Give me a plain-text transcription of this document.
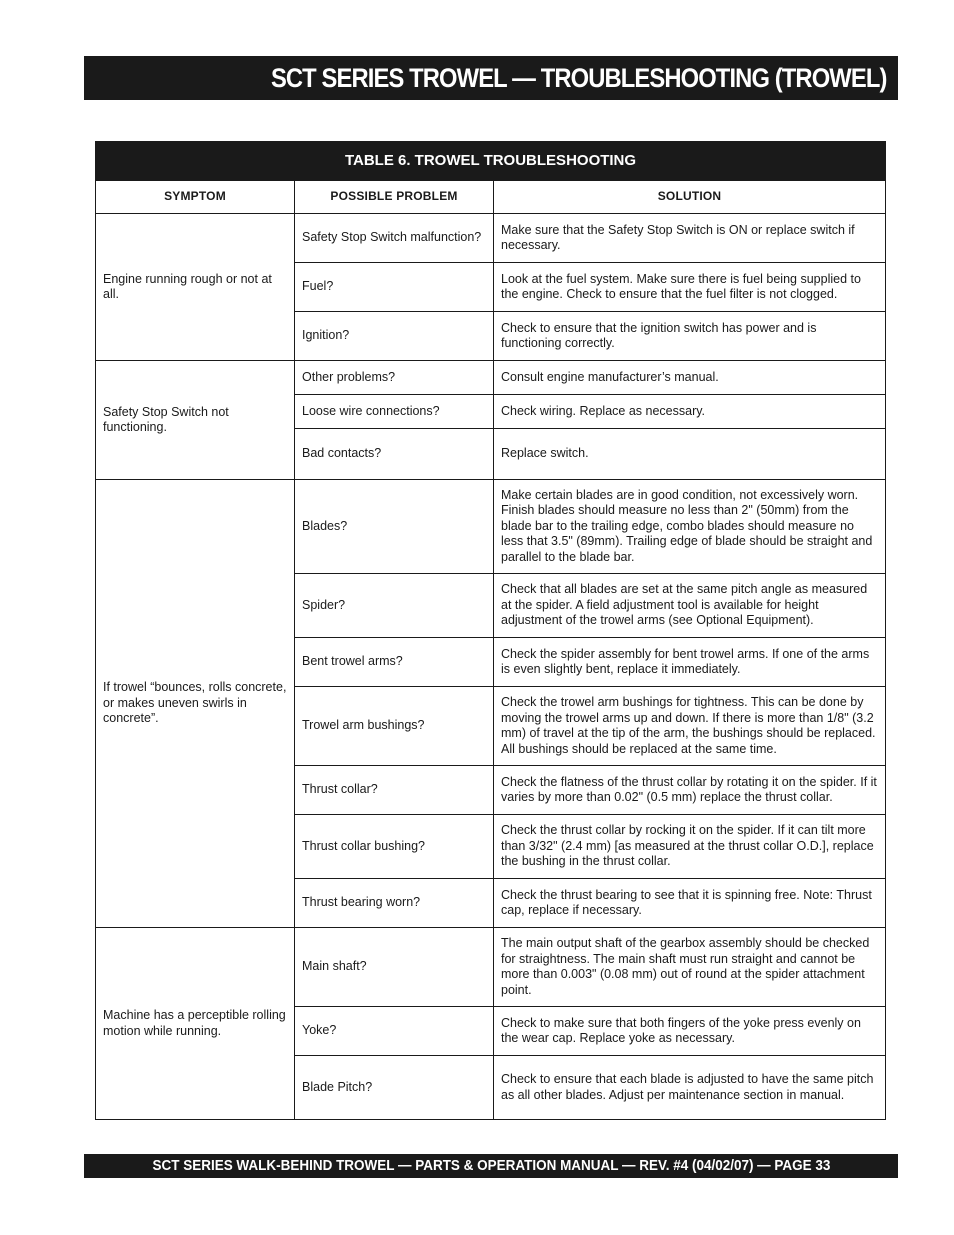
SCT SERIES TROWEL — TROUBLESHOOTING (TROWEL)
TABLE 6. TROWEL TROUBLESHOOTING		
SYMPTOM	POSSIBLE PROBLEM	SOLUTION
Engine running rough or not at all.	Safety Stop Switch malfunction?	Make sure that the Safety Stop Switch is ON or replace switch if necessary.
	Fuel?	Look at the fuel system. Make sure there is fuel being supplied to the engine. Check to ensure that the fuel filter is not clogged.
	Ignition?	Check to ensure that the ignition switch has power and is functioning correctly.
Safety Stop Switch not functioning.	Other problems?	Consult engine manufacturer’s manual.
	Loose wire connections?	Check wiring. Replace as necessary.
	Bad contacts?	Replace switch.
If trowel “bounces, rolls concrete, or makes uneven swirls in concrete”.	Blades?	Make certain blades are in good condition, not excessively worn. Finish blades should measure no less than 2" (50mm) from the blade bar to the trailing edge, combo blades should measure no less that 3.5" (89mm). Trailing edge of blade should be straight and parallel to the blade bar.
	Spider?	Check that all blades are set at the same pitch angle as measured at the spider. A field adjustment tool is available for height adjustment of the trowel arms (see Optional Equipment).
	Bent trowel arms?	Check the spider assembly for bent trowel arms. If one of the arms is even slightly bent, replace it immediately.
	Trowel arm bushings?	Check the trowel arm bushings for tightness. This can be done by moving the trowel arms up and down. If there is more than 1/8" (3.2 mm) of travel at the tip of the arm, the bushings should be replaced. All bushings should be replaced at the same time.
	Thrust collar?	Check the flatness of the thrust collar by rotating it on the spider. If it varies by more than 0.02" (0.5 mm) replace the thrust collar.
	Thrust collar bushing?	Check the thrust collar by rocking it on the spider. If it can tilt more than 3/32" (2.4 mm) [as measured at the thrust collar O.D.], replace the bushing in the thrust collar.
	Thrust bearing worn?	Check the thrust bearing to see that it is spinning free. Note: Thrust cap, replace if necessary.
Machine has a perceptible rolling motion while running.	Main shaft?	The main output shaft of the gearbox assembly should be checked for straightness. The main shaft must run straight and cannot be more than 0.003" (0.08 mm) out of round at the spider attachment point.
	Yoke?	Check to make sure that both fingers of the yoke press evenly on the wear cap. Replace yoke as necessary.
	Blade Pitch?	Check to ensure that each blade is adjusted to have the same pitch as all other blades. Adjust per maintenance section in manual.
SCT SERIES WALK-BEHIND TROWEL — PARTS & OPERATION MANUAL — REV. #4 (04/02/07) — PAGE 33
